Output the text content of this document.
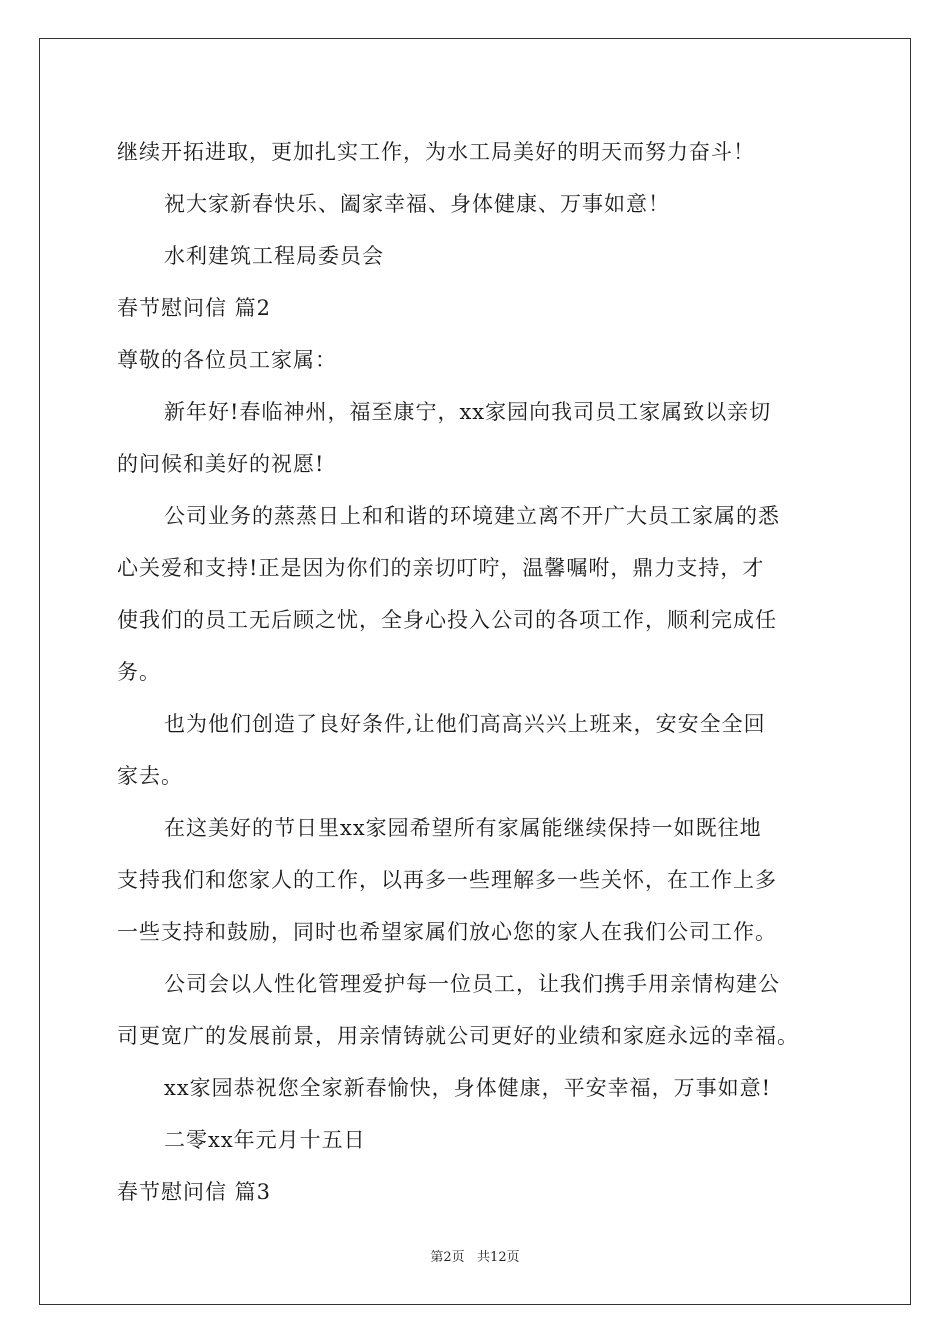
继续开拓进取，更加扎实工作，为水工局美好的明天而努力奋斗！
祝大家新春快乐、阖家幸福、身体健康、万事如意！
水利建筑工程局委员会
春节慰问信 篇2
尊敬的各位员工家属：
新年好!春临神州，福至康宁，xx家园向我司员工家属致以亲切
的问候和美好的祝愿!
公司业务的蒸蒸日上和和谐的环境建立离不开广大员工家属的悉
心关爱和支持!正是因为你们的亲切叮咛，温馨嘱咐，鼎力支持，才
使我们的员工无后顾之忧，全身心投入公司的各项工作，顺利完成任
务。
也为他们创造了良好条件,让他们高高兴兴上班来，安安全全回
家去。
在这美好的节日里xx家园希望所有家属能继续保持一如既往地
支持我们和您家人的工作，以再多一些理解多一些关怀，在工作上多
一些支持和鼓励，同时也希望家属们放心您的家人在我们公司工作。
公司会以人性化管理爱护每一位员工，让我们携手用亲情构建公
司更宽广的发展前景，用亲情铸就公司更好的业绩和家庭永远的幸福。
xx家园恭祝您全家新春愉快，身体健康，平安幸福，万事如意!
二零xx年元月十五日
春节慰问信 篇3
第2页   共12页
